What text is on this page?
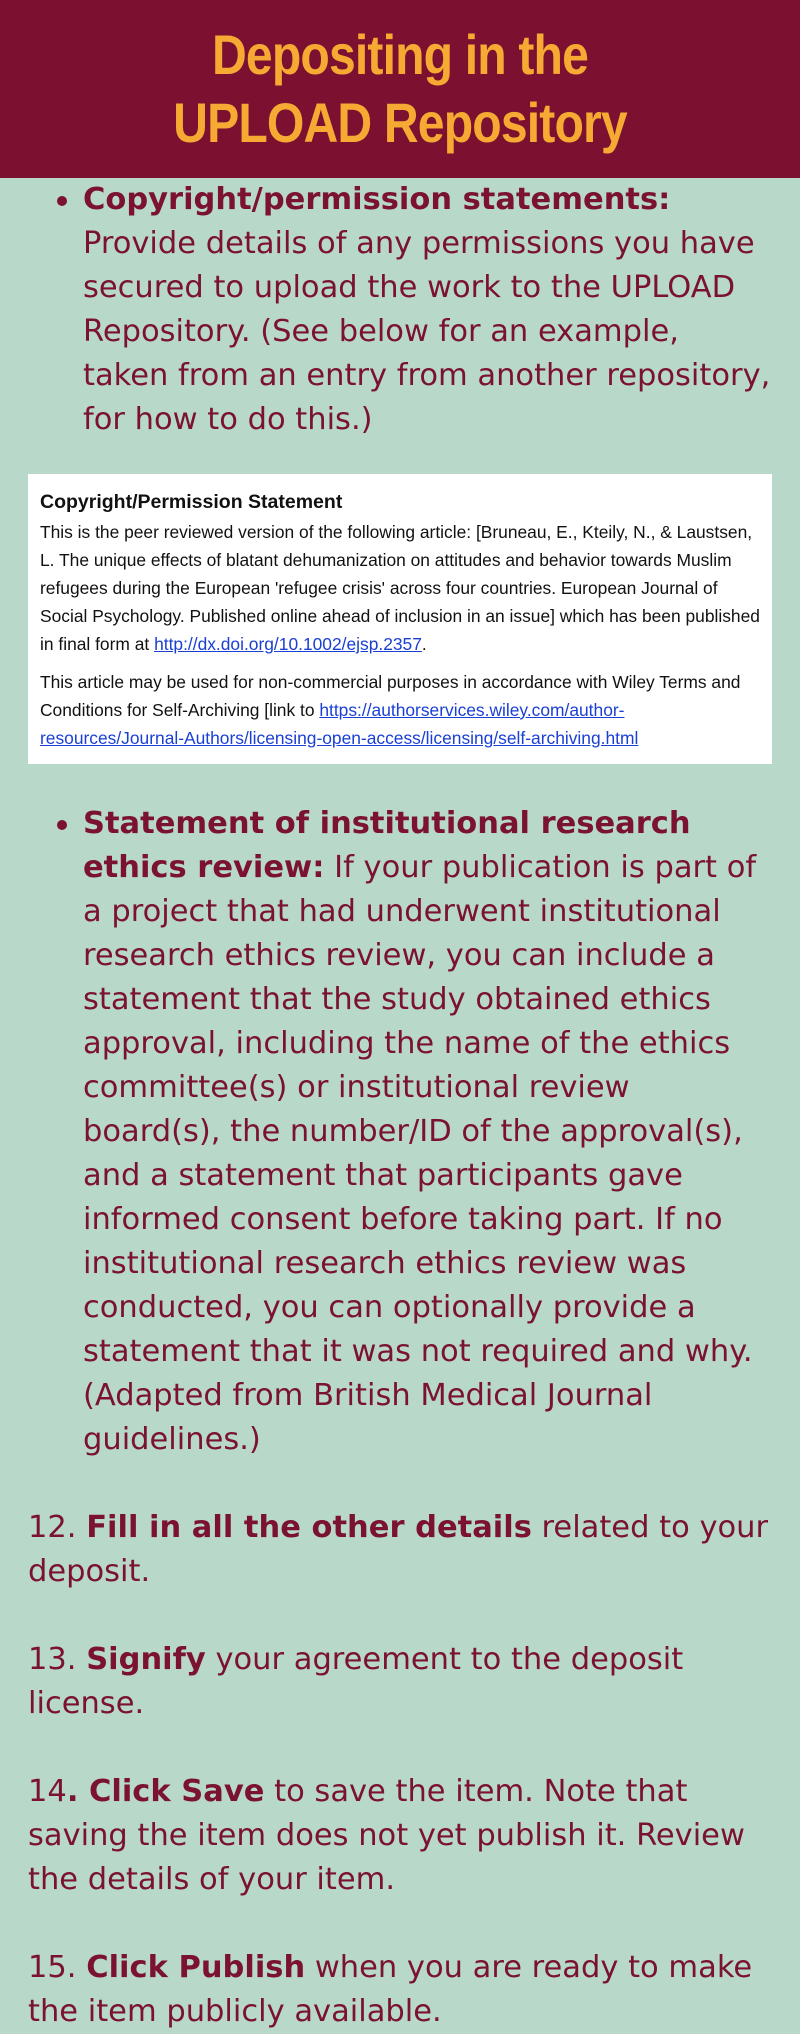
Depositing in the UPLOAD Repository
Copyright/permission statements: Provide details of any permissions you have secured to upload the work to the UPLOAD Repository. (See below for an example, taken from an entry from another repository, for how to do this.)
Copyright/Permission Statement

This is the peer reviewed version of the following article: [Bruneau, E., Kteily, N., & Laustsen, L. The unique effects of blatant dehumanization on attitudes and behavior towards Muslim refugees during the European 'refugee crisis' across four countries. European Journal of Social Psychology. Published online ahead of inclusion in an issue] which has been published in final form at http://dx.doi.org/10.1002/ejsp.2357.

This article may be used for non-commercial purposes in accordance with Wiley Terms and Conditions for Self-Archiving [link to https://authorservices.wiley.com/author-resources/Journal-Authors/licensing-open-access/licensing/self-archiving.html

Statement of institutional research ethics review: If your publication is part of a project that had underwent institutional research ethics review, you can include a statement that the study obtained ethics approval, including the name of the ethics committee(s) or institutional review board(s), the number/ID of the approval(s), and a statement that participants gave informed consent before taking part. If no institutional research ethics review was conducted, you can optionally provide a statement that it was not required and why. (Adapted from British Medical Journal guidelines.)

12. Fill in all the other details related to your deposit.

13. Signify your agreement to the deposit license.

14. Click Save to save the item. Note that saving the item does not yet publish it. Review the details of your item.

15. Click Publish when you are ready to make the item publicly available.
